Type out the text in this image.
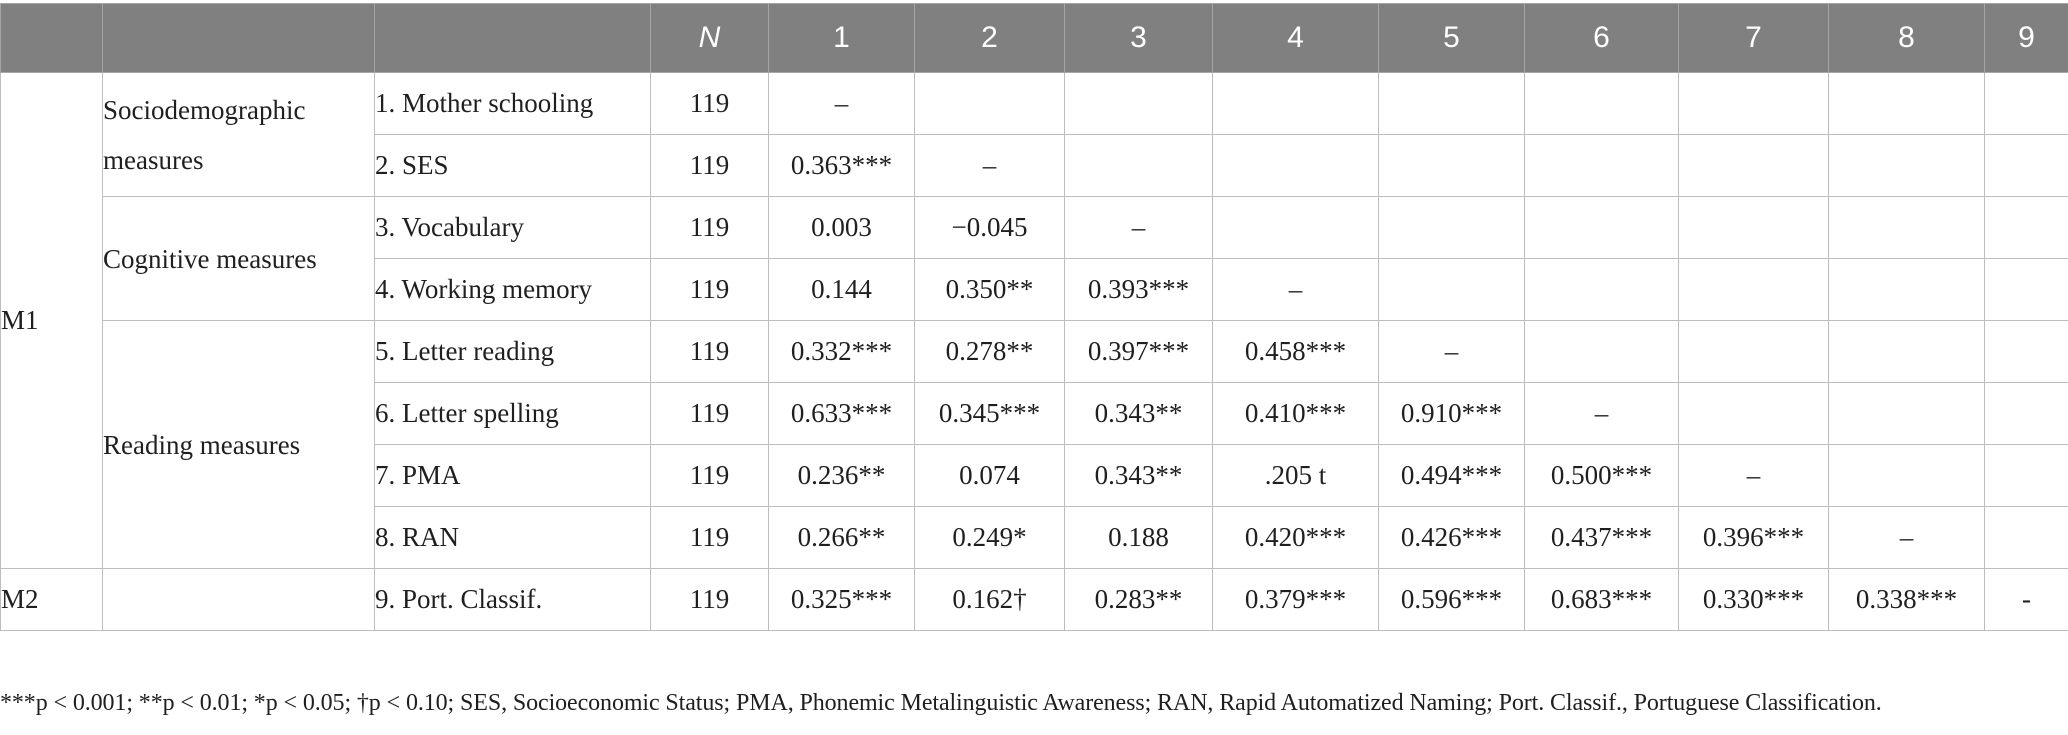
			N	1	2	3	4	5	6	7	8	9
M1	Sociodemographic measures	1. Mother schooling	119	–								
		2. SES	119	0.363***	–							
	Cognitive measures	3. Vocabulary	119	0.003	−0.045	–						
		4. Working memory	119	0.144	0.350**	0.393***	–					
	Reading measures	5. Letter reading	119	0.332***	0.278**	0.397***	0.458***	–				
		6. Letter spelling	119	0.633***	0.345***	0.343**	0.410***	0.910***	–			
		7. PMA	119	0.236**	0.074	0.343**	.205 t	0.494***	0.500***	–		
		8. RAN	119	0.266**	0.249*	0.188	0.420***	0.426***	0.437***	0.396***	–	
M2		9. Port. Classif.	119	0.325***	0.162†	0.283**	0.379***	0.596***	0.683***	0.330***	0.338***	-
***p < 0.001; **p < 0.01; *p < 0.05; †p < 0.10; SES, Socioeconomic Status; PMA, Phonemic Metalinguistic Awareness; RAN, Rapid Automatized Naming; Port. Classif., Portuguese Classification.
